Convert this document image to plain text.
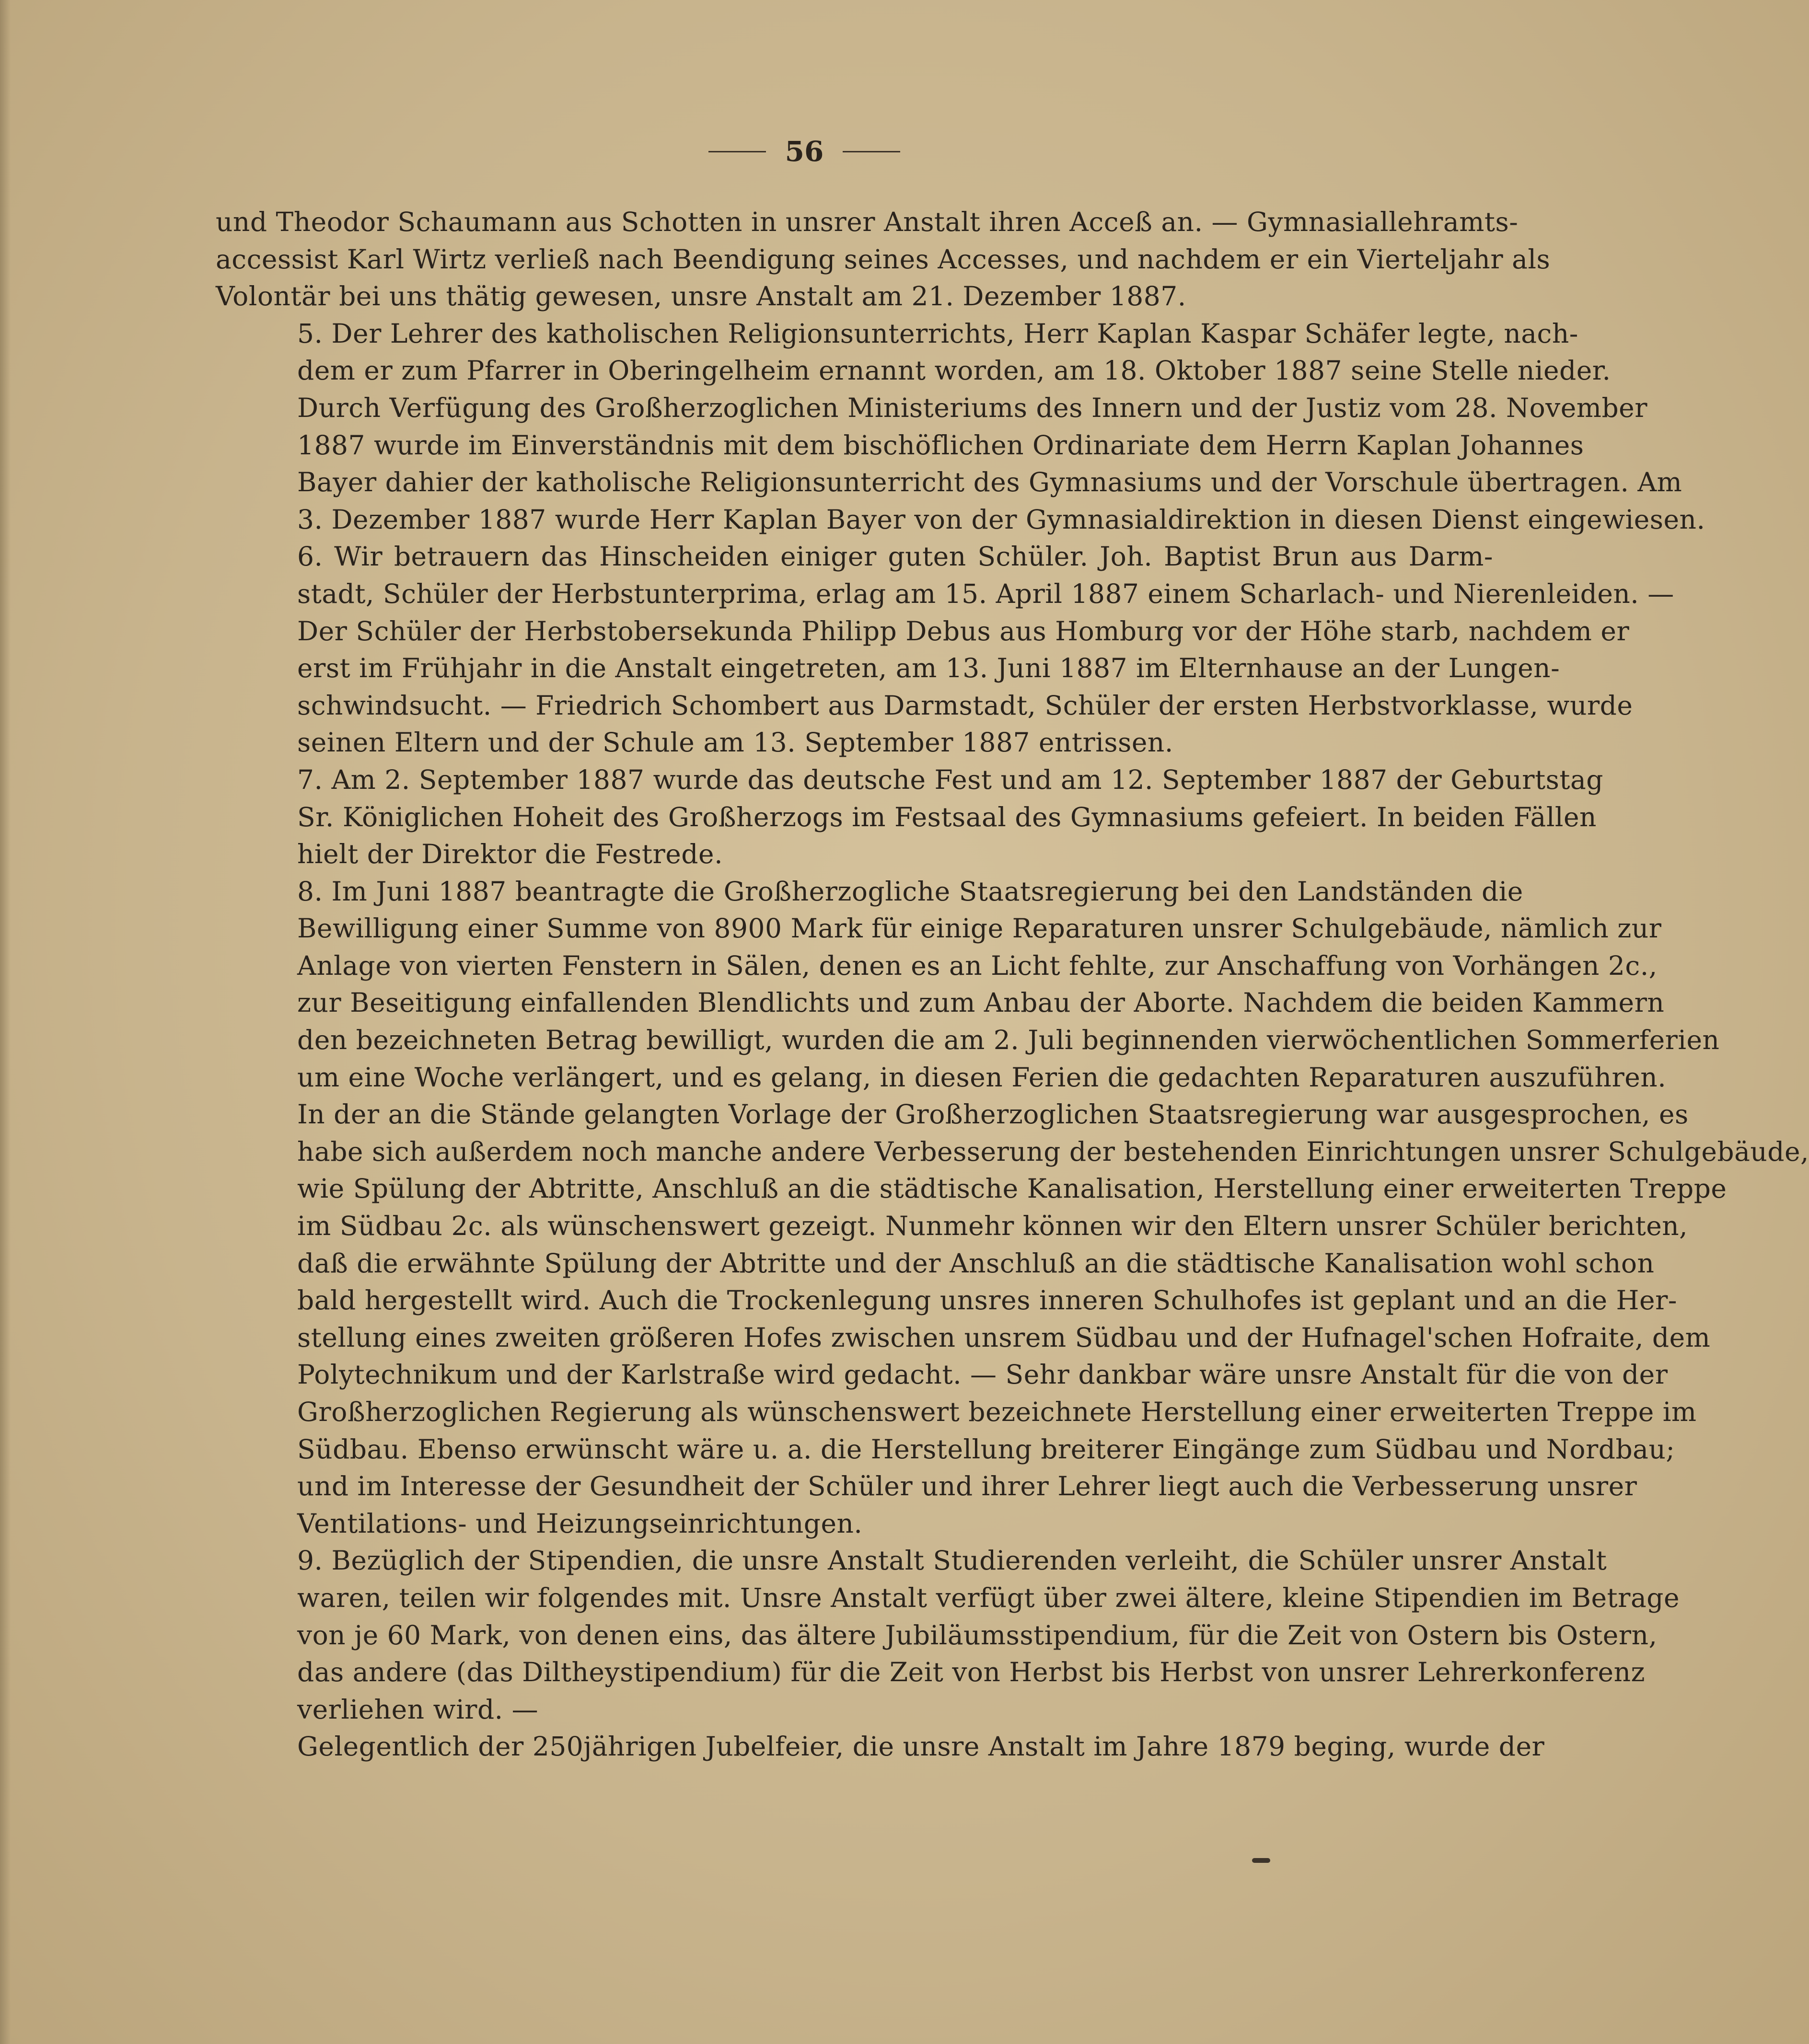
56

und Theodor Schaumann aus Schotten in unsrer Anstalt ihren Acceß an. — Gymnasiallehramts-
accessist Karl Wirtz verließ nach Beendigung seines Accesses, und nachdem er ein Vierteljahr als
Volontär bei uns thätig gewesen, unsre Anstalt am 21. Dezember 1887.

5. Der Lehrer des katholischen Religionsunterrichts, Herr Kaplan Kaspar Schäfer legte, nach-
dem er zum Pfarrer in Oberingelheim ernannt worden, am 18. Oktober 1887 seine Stelle nieder.
Durch Verfügung des Großherzoglichen Ministeriums des Innern und der Justiz vom 28. November
1887 wurde im Einverständnis mit dem bischöflichen Ordinariate dem Herrn Kaplan Johannes
Bayer dahier der katholische Religionsunterricht des Gymnasiums und der Vorschule übertragen. Am
3. Dezember 1887 wurde Herr Kaplan Bayer von der Gymnasialdirektion in diesen Dienst eingewiesen.

6. Wir betrauern das Hinscheiden einiger guten Schüler. Joh. Baptist Brun aus Darm-
stadt, Schüler der Herbstunterprima, erlag am 15. April 1887 einem Scharlach- und Nierenleiden. —
Der Schüler der Herbstobersekunda Philipp Debus aus Homburg vor der Höhe starb, nachdem er
erst im Frühjahr in die Anstalt eingetreten, am 13. Juni 1887 im Elternhause an der Lungen-
schwindsucht. — Friedrich Schombert aus Darmstadt, Schüler der ersten Herbstvorklasse, wurde
seinen Eltern und der Schule am 13. September 1887 entrissen.

7. Am 2. September 1887 wurde das deutsche Fest und am 12. September 1887 der Geburtstag
Sr. Königlichen Hoheit des Großherzogs im Festsaal des Gymnasiums gefeiert. In beiden Fällen
hielt der Direktor die Festrede.

8. Im Juni 1887 beantragte die Großherzogliche Staatsregierung bei den Landständen die
Bewilligung einer Summe von 8900 Mark für einige Reparaturen unsrer Schulgebäude, nämlich zur
Anlage von vierten Fenstern in Sälen, denen es an Licht fehlte, zur Anschaffung von Vorhängen 2c.,
zur Beseitigung einfallenden Blendlichts und zum Anbau der Aborte. Nachdem die beiden Kammern
den bezeichneten Betrag bewilligt, wurden die am 2. Juli beginnenden vierwöchentlichen Sommerferien
um eine Woche verlängert, und es gelang, in diesen Ferien die gedachten Reparaturen auszuführen.
In der an die Stände gelangten Vorlage der Großherzoglichen Staatsregierung war ausgesprochen, es
habe sich außerdem noch manche andere Verbesserung der bestehenden Einrichtungen unsrer Schulgebäude,
wie Spülung der Abtritte, Anschluß an die städtische Kanalisation, Herstellung einer erweiterten Treppe
im Südbau 2c. als wünschenswert gezeigt. Nunmehr können wir den Eltern unsrer Schüler berichten,
daß die erwähnte Spülung der Abtritte und der Anschluß an die städtische Kanalisation wohl schon
bald hergestellt wird. Auch die Trockenlegung unsres inneren Schulhofes ist geplant und an die Her-
stellung eines zweiten größeren Hofes zwischen unsrem Südbau und der Hufnagel'schen Hofraite, dem
Polytechnikum und der Karlstraße wird gedacht. — Sehr dankbar wäre unsre Anstalt für die von der
Großherzoglichen Regierung als wünschenswert bezeichnete Herstellung einer erweiterten Treppe im
Südbau. Ebenso erwünscht wäre u. a. die Herstellung breiterer Eingänge zum Südbau und Nordbau;
und im Interesse der Gesundheit der Schüler und ihrer Lehrer liegt auch die Verbesserung unsrer
Ventilations- und Heizungseinrichtungen.

9. Bezüglich der Stipendien, die unsre Anstalt Studierenden verleiht, die Schüler unsrer Anstalt
waren, teilen wir folgendes mit. Unsre Anstalt verfügt über zwei ältere, kleine Stipendien im Betrage
von je 60 Mark, von denen eins, das ältere Jubiläumsstipendium, für die Zeit von Ostern bis Ostern,
das andere (das Diltheystipendium) für die Zeit von Herbst bis Herbst von unsrer Lehrerkonferenz
verliehen wird. —

Gelegentlich der 250jährigen Jubelfeier, die unsre Anstalt im Jahre 1879 beging, wurde der
